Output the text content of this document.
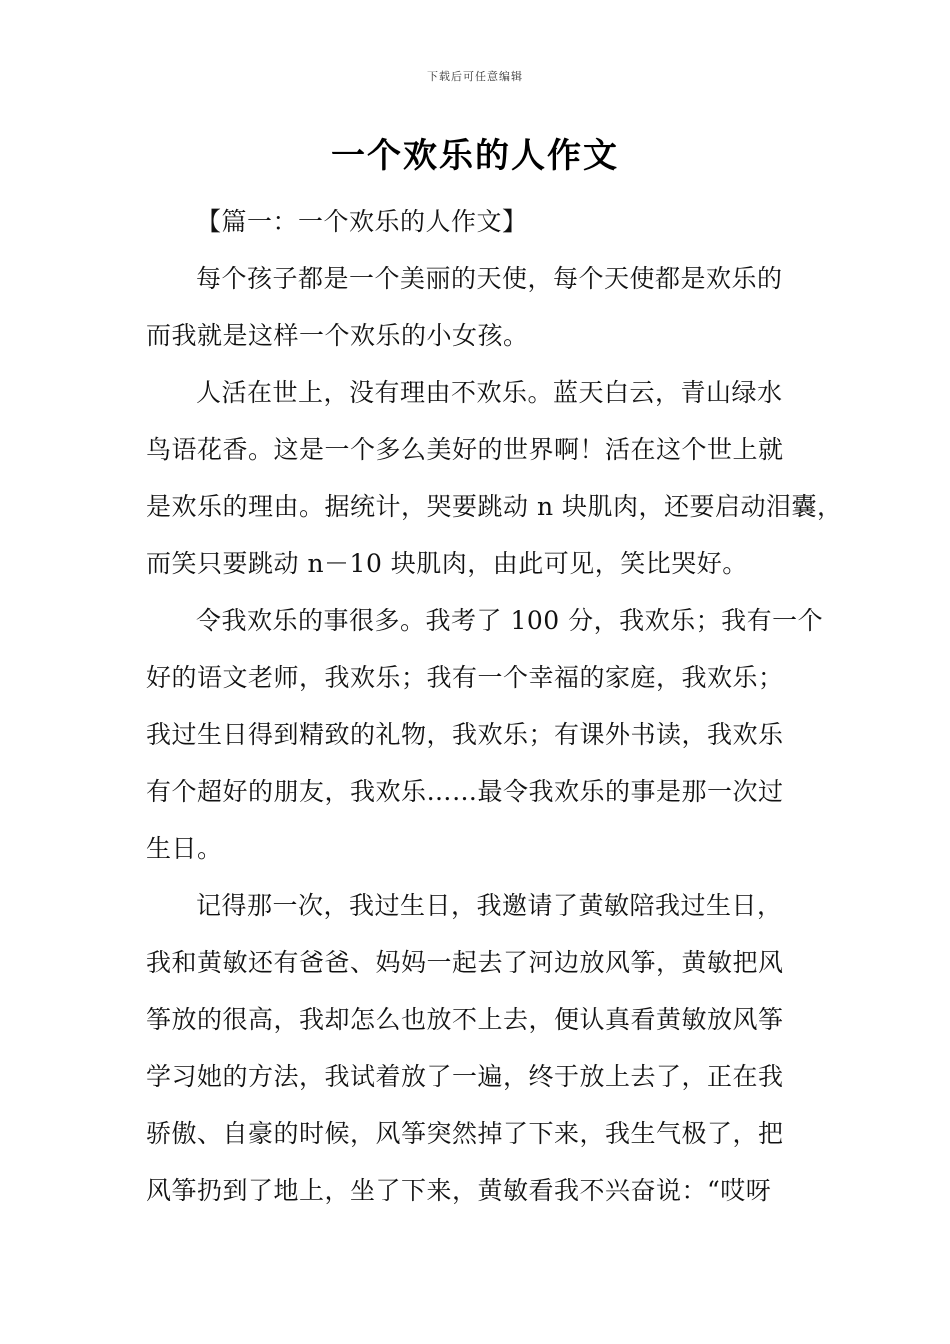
下载后可任意编辑
一个欢乐的人作文
【篇一：一个欢乐的人作文】
每个孩子都是一个美丽的天使，每个天使都是欢乐的
而我就是这样一个欢乐的小女孩。
人活在世上，没有理由不欢乐。蓝天白云，青山绿水
鸟语花香。这是一个多么美好的世界啊！活在这个世上就
是欢乐的理由。据统计，哭要跳动 n 块肌肉，还要启动泪囊，
而笑只要跳动 n－10 块肌肉，由此可见，笑比哭好。
令我欢乐的事很多。我考了 100 分，我欢乐；我有一个
好的语文老师，我欢乐；我有一个幸福的家庭，我欢乐；
我过生日得到精致的礼物，我欢乐；有课外书读，我欢乐
有个超好的朋友，我欢乐……最令我欢乐的事是那一次过
生日。
记得那一次，我过生日，我邀请了黄敏陪我过生日，
我和黄敏还有爸爸、妈妈一起去了河边放风筝，黄敏把风
筝放的很高，我却怎么也放不上去，便认真看黄敏放风筝
学习她的方法，我试着放了一遍，终于放上去了，正在我
骄傲、自豪的时候，风筝突然掉了下来，我生气极了，把
风筝扔到了地上，坐了下来，黄敏看我不兴奋说：“哎呀
